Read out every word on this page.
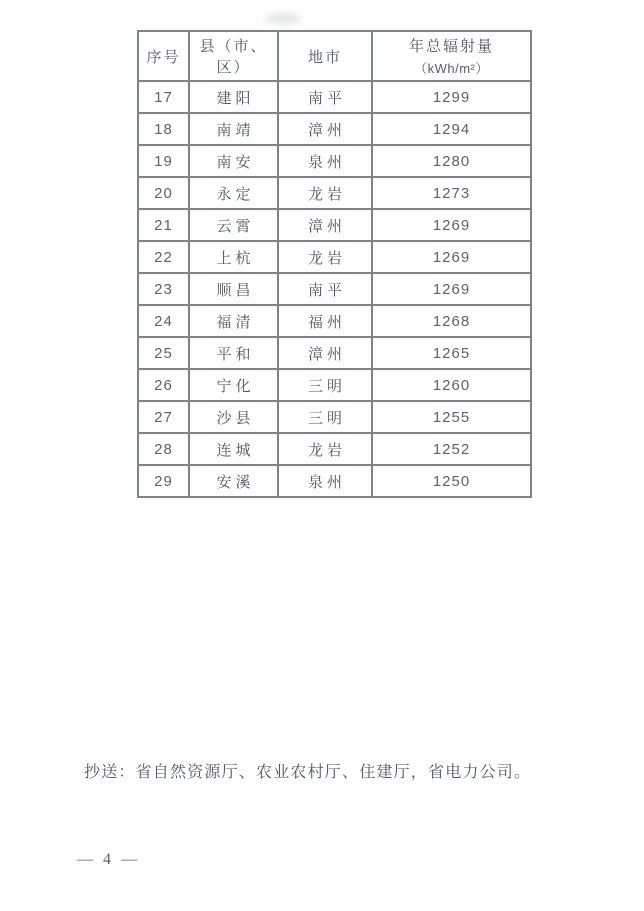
序号	县（市、区）	地市	年总辐射量
（kWh/m²）

17	建阳	南平	1299
18	南靖	漳州	1294
19	南安	泉州	1280
20	永定	龙岩	1273
21	云霄	漳州	1269
22	上杭	龙岩	1269
23	顺昌	南平	1269
24	福清	福州	1268
25	平和	漳州	1265
26	宁化	三明	1260
27	沙县	三明	1255
28	连城	龙岩	1252
29	安溪	泉州	1250

抄送：省自然资源厅、农业农村厅、住建厅，省电力公司。

— 4 —
